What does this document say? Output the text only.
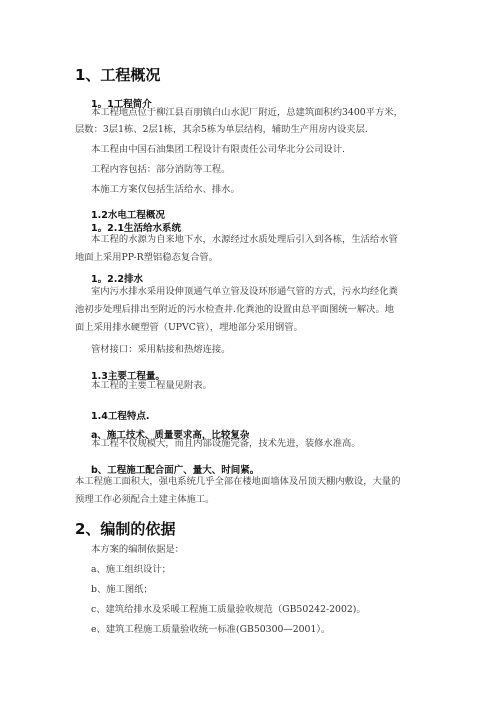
1、工程概况
1。1工程简介
本工程地点位于柳江县百朋镇白山水泥厂附近，总建筑面积约3400平方米，
层数：3层1栋、2层1栋，其余5栋为单层结构，辅助生产用房内设夹层.
本工程由中国石油集团工程设计有限责任公司华北分公司设计.
工程内容包括：部分消防等工程。
本施工方案仅包括生活给水、排水。
1.2水电工程概况
1。2.1生活给水系统
本工程的水源为自来地下水，水源经过水质处理后引入到各栋，生活给水管
地面上采用PP-R塑铝稳态复合管。
1。2.2排水
室内污水排水采用设伸顶通气单立管及设环形通气管的方式，污水均经化粪
池初步处理后排出至附近的污水检查井.化粪池的设置由总平面图统一解决。地
面上采用排水硬塑管（UPVC管），埋地部分采用钢管。
管材接口：采用粘接和热熔连接。
1.3主要工程量。
本工程的主要工程量见附表。
1.4工程特点.
a、施工技术、质量要求高，比较复杂
本工程不仅规模大，而且内部设施完备，技术先进，装修水准高。
b、工程施工配合面广、量大、时间紧。
本工程施工面积大，强电系统几乎全部在楼地面墙体及吊顶天棚内敷设，大量的
预理工作必须配合土建主体施工。
2、编制的依据
本方案的编制依据是：
a、施工组织设计；
b、施工图纸；
c、建筑给排水及采暖工程施工质量验收规范（GB50242-2002)。
e、建筑工程施工质量验收统一标准(GB50300—2001）。
